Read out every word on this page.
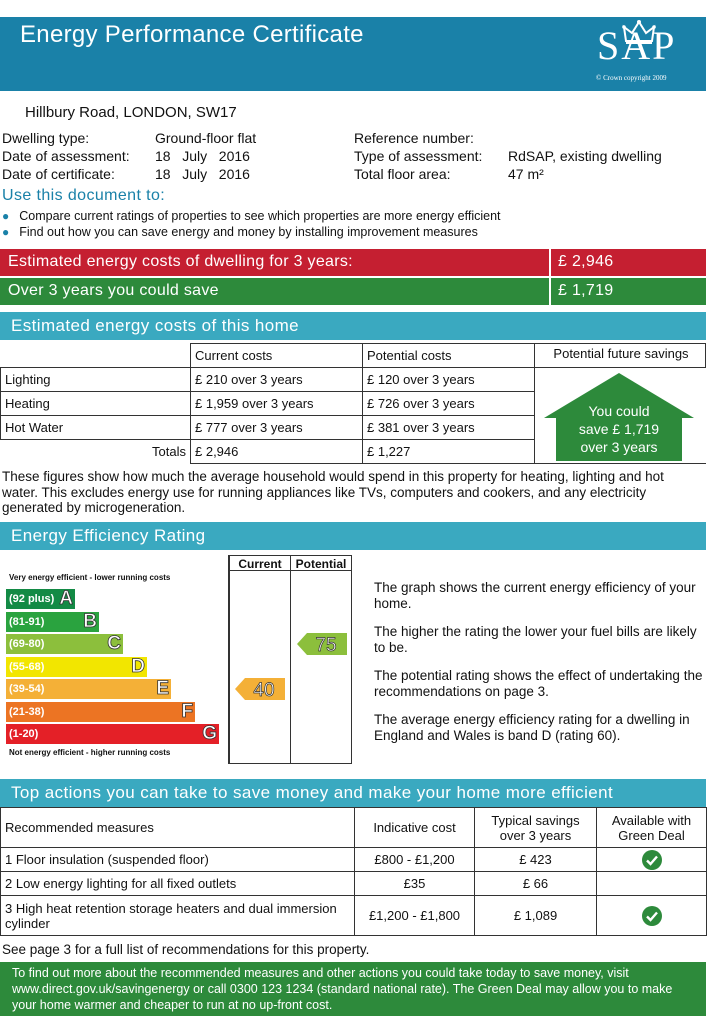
Energy Performance Certificate	SAP
© Crown copyright 2009
Hillbury Road, LONDON, SW17
Dwelling type:	Ground-floor flat
Date of assessment: 18   July   2016
Date of certificate:	18   July   2016
Reference number:
Type of assessment: RdSAP, existing dwelling
Total floor area:	47 m²
Use this document to:
● Compare current ratings of properties to see which properties are more energy efficient
● Find out how you can save energy and money by installing improvement measures
Estimated energy costs of dwelling for 3 years:	£ 2,946
Over 3 years you could save	£ 1,719
Estimated energy costs of this home
	Current costs	Potential costs
Lighting	£ 210 over 3 years	£ 120 over 3 years
Heating	£ 1,959 over 3 years	£ 726 over 3 years
Hot Water	£ 777 over 3 years	£ 381 over 3 years
Totals	£ 2,946	£ 1,227
Potential future savings
You could
save £ 1,719
over 3 years
These figures show how much the average household would spend in this property for heating, lighting and hot water. This excludes energy use for running appliances like TVs, computers and cookers, and any electricity generated by microgeneration.
Energy Efficiency Rating
Very energy efficient - lower running costs
(92 plus) A
(81-91) B
(69-80)	C
(55-68)	D
(39-54)	E
(21-38)	F
(1-20)	G
Not energy efficient - higher running costs
Current	Potential
40
75
The graph shows the current energy efficiency of your home.
The higher the rating the lower your fuel bills are likely to be.
The potential rating shows the effect of undertaking the recommendations on page 3.
The average energy efficiency rating for a dwelling in England and Wales is band D (rating 60).
Top actions you can take to save money and make your home more efficient
Recommended measures	Indicative cost	Typical savings over 3 years	Available with Green Deal
1 Floor insulation (suspended floor)	£800 - £1,200	£ 423	
2 Low energy lighting for all fixed outlets	£35	£ 66	
3 High heat retention storage heaters and dual immersion cylinder	£1,200 - £1,800	£ 1,089	
See page 3 for a full list of recommendations for this property.
To find out more about the recommended measures and other actions you could take today to save money, visit www.direct.gov.uk/savingenergy or call 0300 123 1234 (standard national rate). The Green Deal may allow you to make your home warmer and cheaper to run at no up-front cost.
